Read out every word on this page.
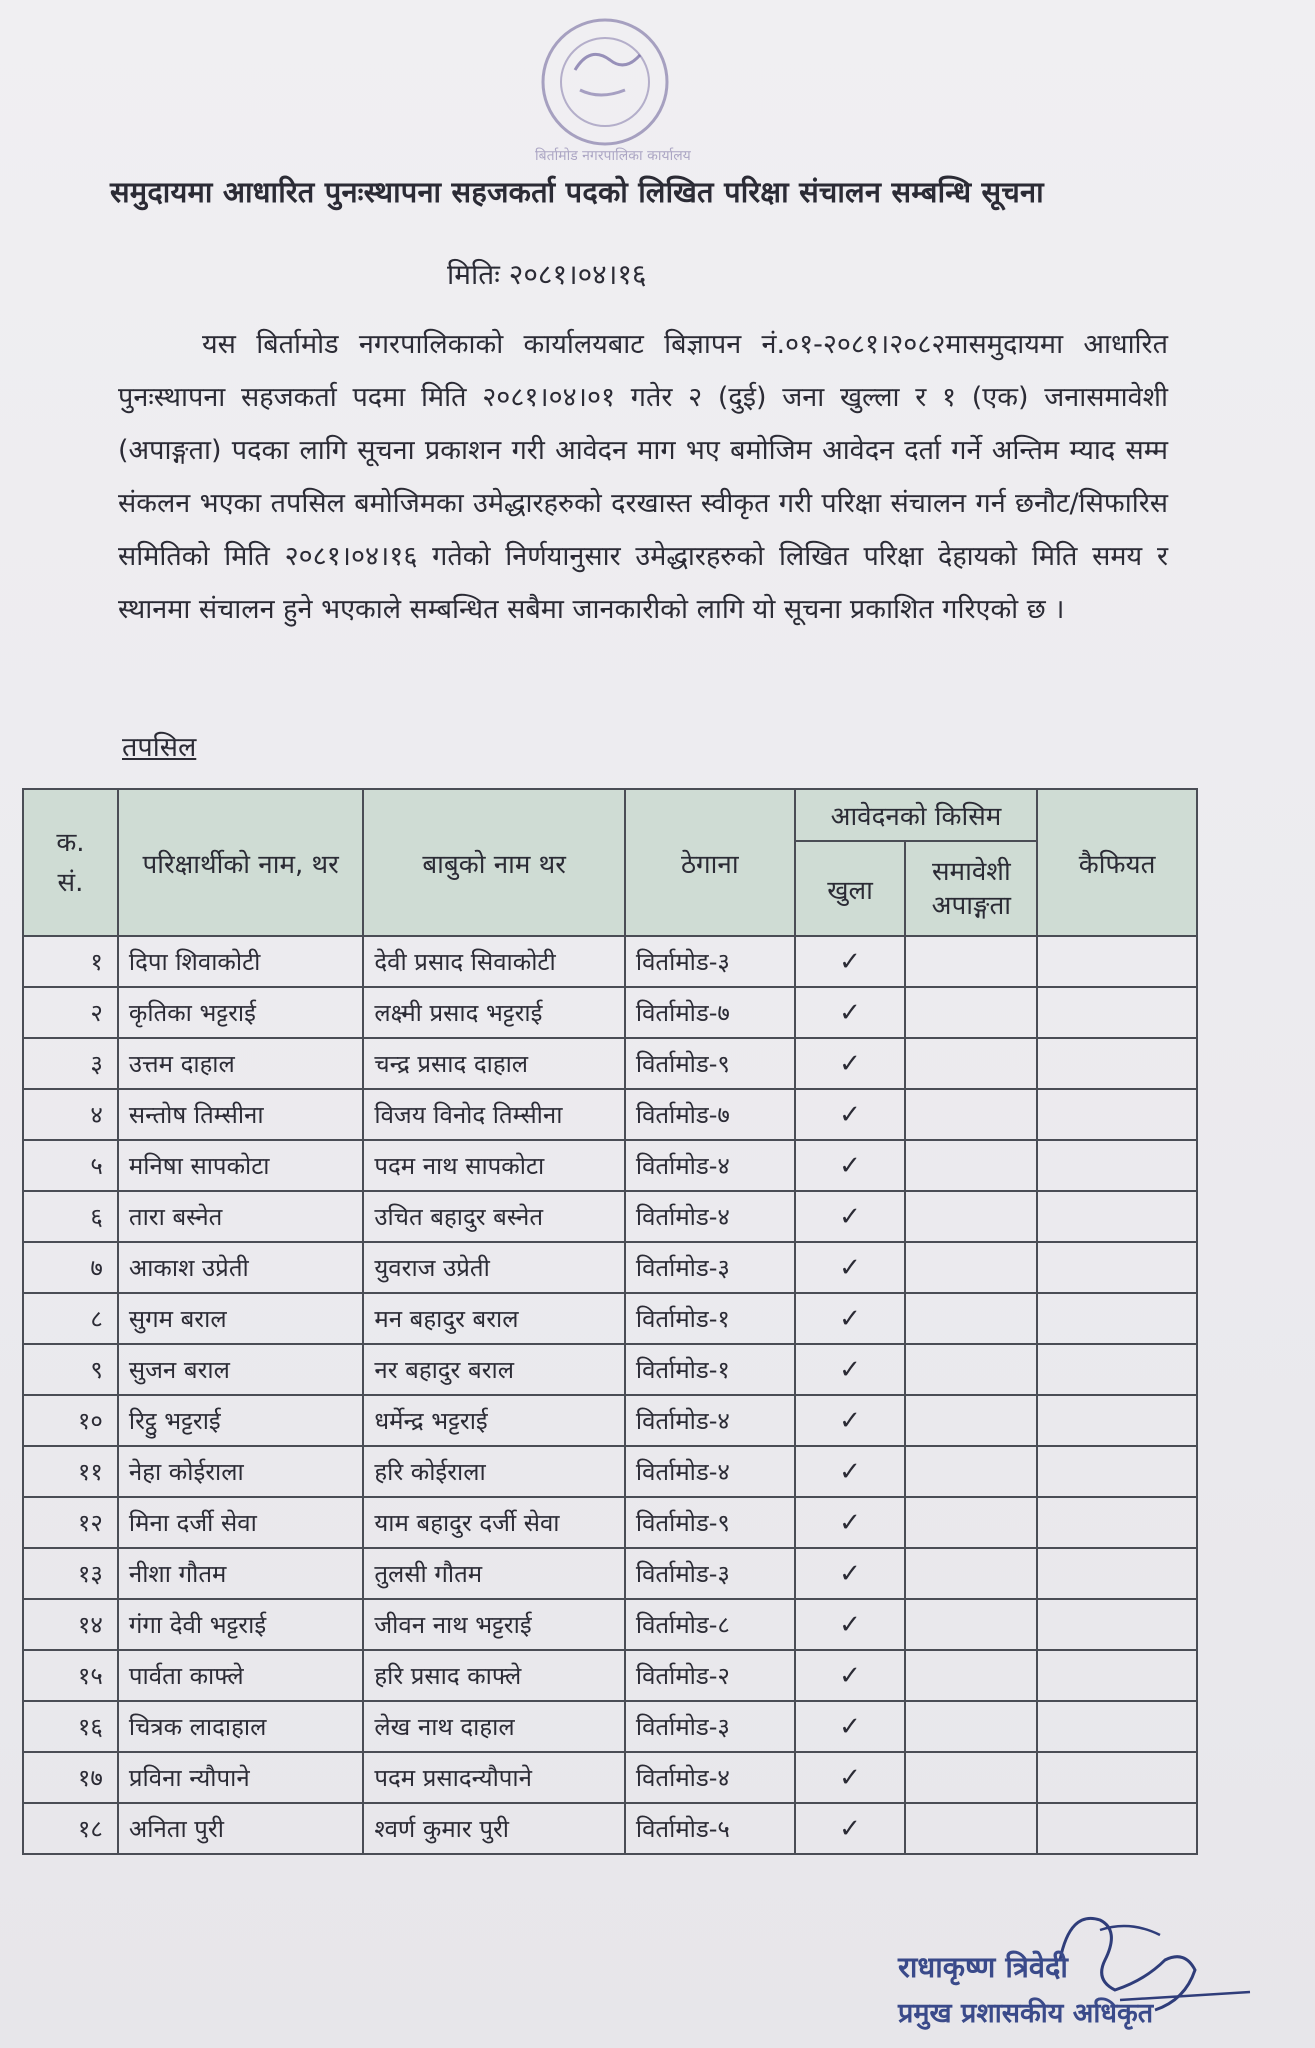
बिर्तामोड नगरपालिका कार्यालय
समुदायमा आधारित पुनःस्थापना सहजकर्ता पदको लिखित परिक्षा संचालन सम्बन्धि सूचना
मितिः २०८१।०४।१६
यस बिर्तामोड नगरपालिकाको कार्यालयबाट बिज्ञापन नं.०१-२०८१।२०८२मासमुदायमा आधारित पुनःस्थापना सहजकर्ता पदमा मिति २०८१।०४।०१ गतेर २ (दुई) जना खुल्ला र १ (एक) जनासमावेशी (अपाङ्गता) पदका लागि सूचना प्रकाशन गरी आवेदन माग भए बमोजिम आवेदन दर्ता गर्ने अन्तिम म्याद सम्म संकलन भएका तपसिल बमोजिमका उमेद्धारहरुको दरखास्त स्वीकृत गरी परिक्षा संचालन गर्न छनौट/सिफारिस समितिको मिति २०८१।०४।१६ गतेको निर्णयानुसार उमेद्धारहरुको लिखित परिक्षा देहायको मिति समय र स्थानमा संचालन हुने भएकाले सम्बन्धित सबैमा जानकारीको लागि यो सूचना प्रकाशित गरिएको छ ।
तपसिल
क. सं.	परिक्षार्थीको नाम, थर	बाबुको नाम थर	ठेगाना	आवेदनको किसिम		कैफियत
				खुला	समावेशी अपाङ्गता	
१	दिपा शिवाकोटी	देवी प्रसाद सिवाकोटी	विर्तामोड-३	✓		
२	कृतिका भट्टराई	लक्ष्मी प्रसाद भट्टराई	विर्तामोड-७	✓		
३	उत्तम दाहाल	चन्द्र प्रसाद दाहाल	विर्तामोड-९	✓		
४	सन्तोष तिम्सीना	विजय विनोद तिम्सीना	विर्तामोड-७	✓		
५	मनिषा सापकोटा	पदम नाथ सापकोटा	विर्तामोड-४	✓		
६	तारा बस्नेत	उचित बहादुर बस्नेत	विर्तामोड-४	✓		
७	आकाश उप्रेती	युवराज उप्रेती	विर्तामोड-३	✓		
८	सुगम बराल	मन बहादुर बराल	विर्तामोड-१	✓		
९	सुजन बराल	नर बहादुर बराल	विर्तामोड-१	✓		
१०	रिट्ठु भट्टराई	धर्मेन्द्र भट्टराई	विर्तामोड-४	✓		
११	नेहा कोईराला	हरि कोईराला	विर्तामोड-४	✓		
१२	मिना दर्जी सेवा	याम बहादुर दर्जी सेवा	विर्तामोड-९	✓		
१३	नीशा गौतम	तुलसी गौतम	विर्तामोड-३	✓		
१४	गंगा देवी भट्टराई	जीवन नाथ भट्टराई	विर्तामोड-८	✓		
१५	पार्वता काफ्ले	हरि प्रसाद काफ्ले	विर्तामोड-२	✓		
१६	चित्रक लादाहाल	लेख नाथ दाहाल	विर्तामोड-३	✓		
१७	प्रविना न्यौपाने	पदम प्रसादन्यौपाने	विर्तामोड-४	✓		
१८	अनिता पुरी	श्वर्ण कुमार पुरी	विर्तामोड-५	✓		
राधाकृष्ण त्रिवेदी
प्रमुख प्रशासकीय अधिकृत
